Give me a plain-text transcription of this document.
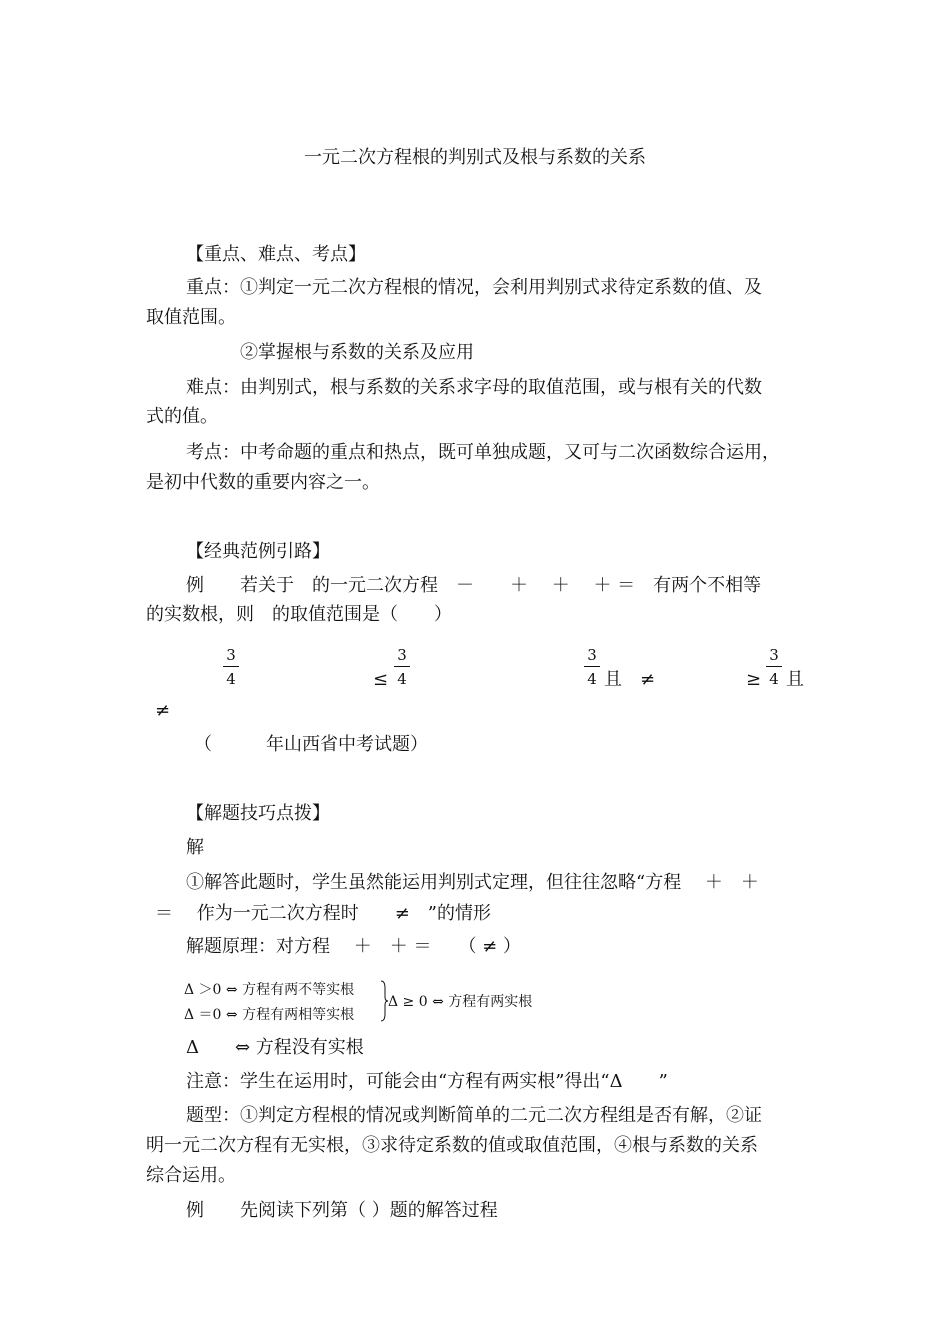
一元二次方程根的判别式及根与系数的关系
【重点、难点、考点】
重点：①判定一元二次方程根的情况，会利用判别式求待定系数的值、及
取值范围。
②掌握根与系数的关系及应用
难点：由判别式，根与系数的关系求字母的取值范围，或与根有关的代数
式的值。
考点：中考命题的重点和热点，既可单独成题，又可与二次函数综合运用，
是初中代数的重要内容之一。
【经典范例引路】
例　　若关于　的一元二次方程　－　　＋　 ＋　 ＋ ＝　有两个不相等
的实数根，则　的取值范围是（　　）
3
4	≤
3
4
3
4 且　≠	≥
3
4 且
≠
（　　　年山西省中考试题）
【解题技巧点拨】
解
①解答此题时，学生虽然能运用判别式定理，但往往忽略“方程　 ＋　＋
＝　 作为一元二次方程时　　≠　”的情形
解题原理：对方程　 ＋　＋ ＝　　（ ≠ ）
Δ ＞0 ⇔ 方程有两不等实根
Δ ＝0 ⇔ 方程有两相等实根
Δ ≥ 0 ⇔ 方程有两实根
Δ　　⇔ 方程没有实根
注意：学生在运用时，可能会由“方程有两实根”得出“Δ　　”
题型：①判定方程根的情况或判断简单的二元二次方程组是否有解，②证
明一元二次方程有无实根，③求待定系数的值或取值范围，④根与系数的关系
综合运用。
例　　先阅读下列第（ ）题的解答过程
